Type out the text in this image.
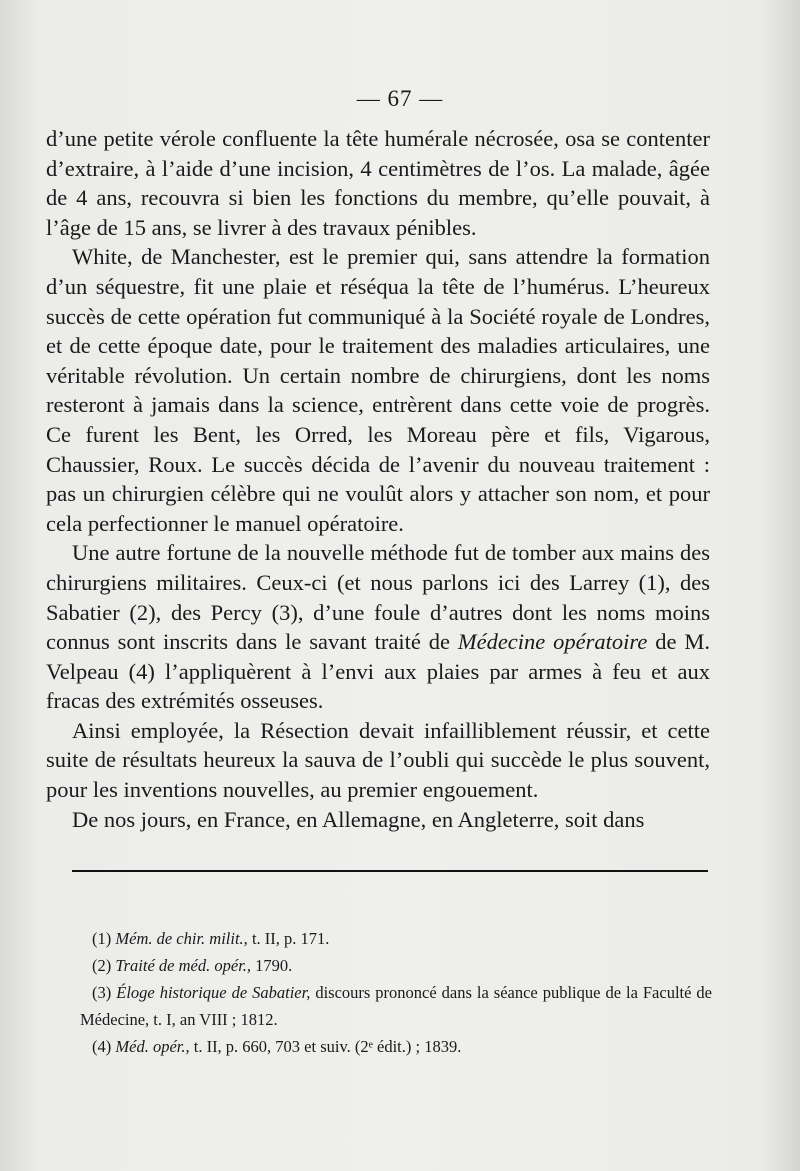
— 67 —

d’une petite vérole confluente la tête humérale nécrosée, osa se contenter d’extraire, à l’aide d’une incision, 4 centimètres de l’os. La malade, âgée de 4 ans, recouvra si bien les fonctions du membre, qu’elle pouvait, à l’âge de 15 ans, se livrer à des travaux pénibles.

White, de Manchester, est le premier qui, sans attendre la formation d’un séquestre, fit une plaie et réséqua la tête de l’humérus. L’heureux succès de cette opération fut communiqué à la Société royale de Londres, et de cette époque date, pour le traitement des maladies articulaires, une véritable révolution. Un certain nombre de chirurgiens, dont les noms resteront à jamais dans la science, entrèrent dans cette voie de progrès. Ce furent les Bent, les Orred, les Moreau père et fils, Vigarous, Chaussier, Roux. Le succès décida de l’avenir du nouveau traitement : pas un chirurgien célèbre qui ne voulût alors y attacher son nom, et pour cela perfectionner le manuel opératoire.

Une autre fortune de la nouvelle méthode fut de tomber aux mains des chirurgiens militaires. Ceux-ci (et nous parlons ici des Larrey (1), des Sabatier (2), des Percy (3), d’une foule d’autres dont les noms moins connus sont inscrits dans le savant traité de Médecine opératoire de M. Velpeau (4) l’appliquèrent à l’envi aux plaies par armes à feu et aux fracas des extrémités osseuses.

Ainsi employée, la Résection devait infailliblement réussir, et cette suite de résultats heureux la sauva de l’oubli qui succède le plus souvent, pour les inventions nouvelles, au premier engouement.

De nos jours, en France, en Allemagne, en Angleterre, soit dans

(1) Mém. de chir. milit., t. II, p. 171.

(2) Traité de méd. opér., 1790.

(3) Éloge historique de Sabatier, discours prononcé dans la séance publique de la Faculté de Médecine, t. I, an VIII ; 1812.

(4) Méd. opér., t. II, p. 660, 703 et suiv. (2ᵉ édit.) ; 1839.
